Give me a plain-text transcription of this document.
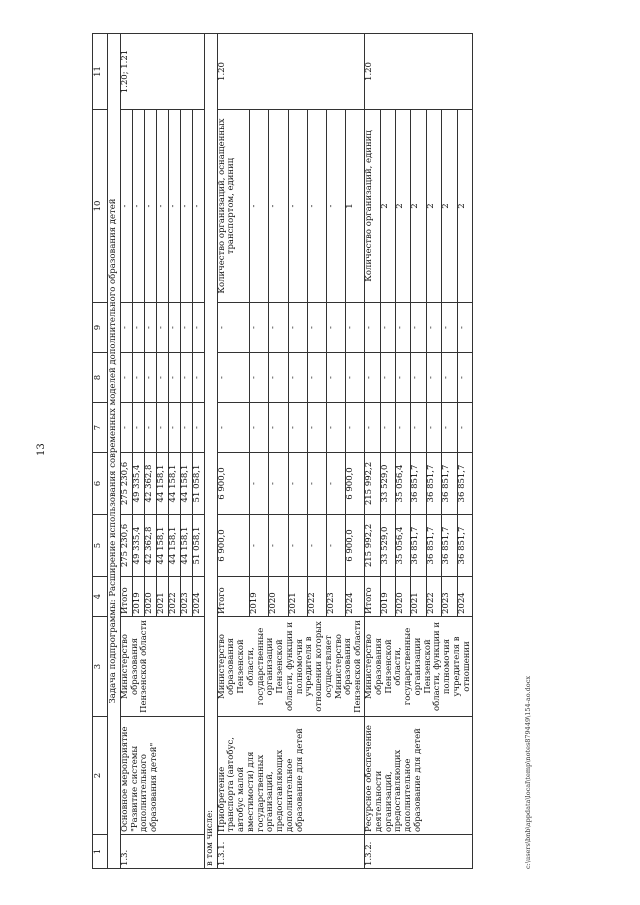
13
1	2	3	4	5	6	7	8	9	10	11
Задача подпрограммы: Расширение использования современных моделей дополнительного образования детей										
1.3.	Основное мероприятие "Развитие системы дополнительного образования детей"	Министерство образования Пензенской области	Итого	275 230,6	275 230,6	-	-	-	-	1.20; 1.21
			2019	49 335,4	49 335,4	-	-	-	-	
			2020	42 362,8	42 362,8	-	-	-	-	
			2021	44 158,1	44 158,1	-	-	-	-	
			2022	44 158,1	44 158,1	-	-	-	-	
			2023	44 158,1	44 158,1	-	-	-	-	
			2024	51 058,1	51 058,1	-	-	-	-	
в том числе:										
1.3.1.	Приобретение транспорта (автобус, автобус малой вместимости) для государственных организаций, предоставляющих дополнительное образование для детей	Министерство образования Пензенской области, государственные организации Пензенской области, функции и полномочия учредителя в отношении которых осуществляет Министерство образования Пензенской области	Итого	6 900,0	6 900,0	-	-	-	Количество организаций, оснащенных транспортом, единиц	1.20
			2019	-	-	-	-	-	-	
			2020	-	-	-	-	-	-	
			2021	-	-	-	-	-	-	
			2022	-	-	-	-	-	-	
			2023	-	-	-	-	-	-	
			2024	6 900,0	6 900,0	-	-	-	1	
1.3.2.	Ресурсное обеспечение деятельности организаций, предоставляющих дополнительное образование для детей	Министерство образования Пензенской области, государственные организации Пензенской области, функции и полномочия учредителя в отношении	Итого	215 992,2	215 992,2	-	-	-	Количество организаций, единиц	1.20
			2019	33 529,0	33 529,0	-	-	-	2	
			2020	35 056,4	35 056,4	-	-	-	2	
			2021	36 851,7	36 851,7	-	-	-	2	
			2022	36 851,7	36 851,7	-	-	-	2	
			2023	36 851,7	36 851,7	-	-	-	2	
			2024	36 851,7	36 851,7	-	-	-	2	
c:\users\bnb\appdata\local\temp\notes879449\154-ao.docx
